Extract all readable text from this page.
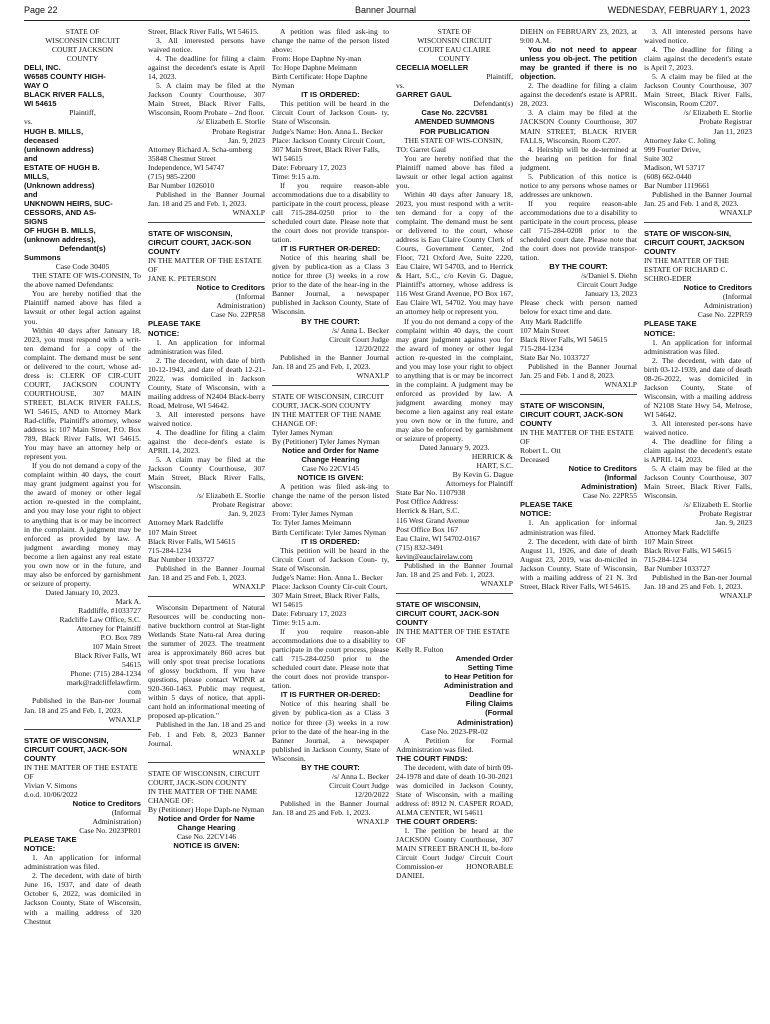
Page 22	Banner Journal	WEDNESDAY, FEBRUARY 1, 2023

STATE OF

WISCONSIN CIRCUIT

COURT JACKSON

COUNTY

DELI, INC.

W6585 COUNTY HIGH-

WAY O

BLACK RIVER FALLS,

WI 54615

Plaintiff,

vs.

HUGH B. MILLS,

deceased

(unknown address)

and

ESTATE OF HUGH B.

MILLS,

(Unknown address)

and

UNKNOWN HEIRS, SUC-

CESSORS, AND AS-

SIGNS

OF HUGH B. MILLS,

(unknown address),

Defendant(s)

Summons

Case Code 30405

THE STATE OF WIS-CONSIN, To the above named Defendants:

You are hereby notified that the Plaintiff named above has filed a lawsuit or other legal action against you.

Within 40 days after January 18, 2023, you must respond with a writ-ten demand for a copy of the complaint. The demand must be sent or delivered to the court, whose ad-dress is: CLERK OF CIR-CUIT COURT, JACKSON COUNTY COURTHOUSE, 307 MAIN STREET, BLACK RIVER FALLS, WI 54615, AND to Attorney Mark Rad-cliffe, Plaintiff's attorney, whose address is: 107 Main Street, P.O. Box 789, Black River Falls, WI 54615. You may have an attorney help or represent you.

If you do not demand a copy of the complaint within 40 days, the court may grant judgment against you for the award of money or other legal action re-quested in the complaint, and you may lose your right to object to anything that is or may be incorrect in the complaint. A judgment may be enforced as provided by law. A judgment awarding money may become a lien against any real estate you own now or in the future, and may also be enforced by garnishment or seizure of property.

Dated January 10, 2023.

Mark A.

Raddliffe, #1033727

Radcliffe Law Office, S.C.

Attorney for Plaintiff

P.O. Box 789

107 Main Street

Black River Falls, WI

54615

Phone: (715) 284-1234

mark@radcliffelawfirm.

com

Published in the Ban-ner Journal Jan. 18 and 25 and Feb. 1, 2023.

WNAXLP

STATE OF WISCONSIN, CIRCUIT COURT, JACK-SON COUNTY

IN THE MATTER OF THE ESTATE OF

Vivian V. Simons

d.o.d. 10/06/2022

Notice to Creditors

(Informal

Administration)

Case No. 2023PR01

PLEASE TAKE

NOTICE:

1. An application for informal administration was filed.

2. The decedent, with date of birth June 16, 1937, and date of death October 6, 2022, was domiciled in Jackson County, State of Wisconsin, with a mailing address of 320 Chestnut

Street, Black River Falls, WI 54615.

3. All interested persons have waived notice.

4. The deadline for filing a claim against the decedent's estate is April 14, 2023.

5. A claim may be filed at the Jackson County Courthouse, 307 Main Street, Black River Falls, Wisconsin, Room Probate – 2nd floor.

/s/ Elizabeth E. Storlie

Probate Registrar

Jan. 9, 2023

Attorney Richard A. Scha-umberg

35848 Chestnut Street

Independence, WI 54747

(715) 985-2200

Bar Number 1026010

Published in the Banner Journal Jan. 18 and 25 and Feb. 1, 2023.

WNAXLP

STATE OF WISCONSIN, CIRCUIT COURT, JACK-SON COUNTY

IN THE MATTER OF THE ESTATE OF

JANE K. PETERSON

Notice to Creditors

(Informal

Administration)

Case No. 22PR58

PLEASE TAKE

NOTICE:

1. An application for informal administration was filed.

2. The decedent, with date of birth 10-12-1943, and date of death 12-21-2022, was domiciled in Jackson County, State of Wisconsin, with a mailing address of N2404 Black-berry Road, Melrose, WI 54642.

3. All interested persons have waived notice.

4. The deadline for filing a claim against the dece-dent's estate is APRIL 14, 2023.

5. A claim may be filed at the Jackson County Courthouse, 307 Main Street, Black River Falls, Wisconsin.

/s/ Elizabeth E. Storlie

Probate Registrar

Jan. 9, 2023

Attorney Mark Radcliffe

107 Main Street

Black River Falls, WI 54615

715-284-1234

Bar Number 1033727

Published in the Banner Journal Jan. 18 and 25 and Feb. 1, 2023.

WNAXLP

Wisconsin Department of Natural Resources will be conducting non-native buckthorn control at Star-light Wetlands State Natu-ral Area during the summer of 2023. The treatment area is approximately 860 acres but will only spot treat precise locations of glossy buckthorn. If you have questions, please contact WDNR at 920-360-1463. Public may request, within 5 days of notice, that appli-cant hold an informational meeting of proposed ap-plication."

Published in the Jan. 18 and 25 and Feb. 1 and Feb. 8, 2023 Banner Journal.

WNAXLP

STATE OF WISCONSIN, CIRCUIT COURT, JACK-SON COUNTY

IN THE MATTER OF THE NAME CHANGE OF:

By (Petitioner) Hope Daph-ne Nyman

Notice and Order for Name Change Hearing

Case No. 22CV146

NOTICE IS GIVEN:

A petition was filed ask-ing to change the name of the person listed above:

From: Hope Daphne Ny-man

To: Hope Daphne Meimann

Birth Certificate: Hope Daphne Nyman

IT IS ORDERED:

This petition will be heard in the Circuit Court of Jackson Coun- ty, State of Wisconsin.

Judge's Name: Hon. Anna L. Becker

Place: Jackson County Circuit Court, 307 Main Street, Black River Falls, WI 54615

Date: February 17, 2023

Time: 9:15 a.m.

If you require reason-able accommodations due to a disability to participate in the court process, please call 715-284-0250 prior to the scheduled court date. Please note that the court does not provide transpor-tation.

IT IS FURTHER OR-DERED:

Notice of this hearing shall be given by publica-tion as a Class 3 notice for three (3) weeks in a row prior to the date of the hear-ing in the Banner Journal, a newspaper published in Jackson County, State of Wisconsin.

BY THE COURT:

/s/ Anna L. Becker

Circuit Court Judge

12/20/2022

Published in the Banner Journal Jan. 18 and 25 and Feb. 1, 2023.

WNAXLP

STATE OF WISCONSIN, CIRCUIT COURT, JACK-SON COUNTY

IN THE MATTER OF THE NAME CHANGE OF:

Tyler James Nyman

By (Petitioner) Tyler James Nyman

Notice and Order for Name Change Hearing

Case No 22CV145

NOTICE IS GIVEN:

A petition was filed ask-ing to change the name of the person listed above:

From: Tyler James Nyman

To: Tyler James Meimann

Birth Certificate: Tyler James Nyman

IT IS ORDERED:

This petition will be heard in the Circuit Court of Jackson Coun- ty, State of Wisconsin.

Judge's Name: Hon. Anna L. Becker

Place: Jackson County Cir-cuit Court, 307 Main Street, Black River Falls, WI 54615

Date: February 17, 2023

Time: 9:15 a.m.

If you require reason-able accommodations due to a disability to participate in the court process, please call 715-284-0250 prior to the scheduled court date. Please note that the court does not provide transpor-tation.

IT IS FURTHER OR-DERED:

Notice of this hearing shall be given by publica-tion as a Class 3 notice for three (3) weeks in a row prior to the date of the hear-ing in the Banner Journal, a newspaper published in Jackson County, State of Wisconsin.

BY THE COURT:

/s/ Anna L. Becker

Circuit Court Judge

12/20/2022

Published in the Banner Journal Jan. 18 and 25 and Feb. 1, 2023.

WNAXLP

STATE OF

WISCONSIN CIRCUIT

COURT EAU CLAIRE

COUNTY

CECELIA MOELLER

Plaintiff,

vs.

GARRET GAUL

Defendant(s)

Case No. 22CV581

AMENDED SUMMONS

FOR PUBLICATION

THE STATE OF WIS-CONSIN,

TO: Garret Gaul

You are hereby notified that the Plaintiff named above has filed a lawsuit or other legal action against you.

Within 40 days after January 18, 2023, you must respond with a writ-ten demand for a copy of the complaint. The demand must be sent or delivered to the court, whose address is Eau Claire County Clerk of Courts, Government Center, 2nd Floor, 721 Oxford Ave, Suite 2220, Eau Claire, WI 54703, and to Herrick & Hart, S.C., c/o Kevin G. Dague, Plaintiff's attorney, whose address is 116 West Grand Avenue, PO Box 167, Eau Claire WI, 54702. You may have an attorney help or represent you.

If you do not demand a copy of the complaint within 40 days, the court may grant judgment against you for the award of money or other legal action re-quested in the complaint, and you may lose your right to object to anything that is or may be incorrect in the complaint. A judgment may be enforced as provided by law. A judgment awarding money may become a lien against any real estate you own now or in the future, and may also be enforced by garnishment or seizure of property.

Dated January 9, 2023.

HERRICK &

HART, S.C.

By Kevin G. Dague

Attorneys for Plaintiff

State Bar No. 1107938

Post Office Address:

Herrick & Hart, S.C.

116 West Grand Avenue

Post Office Box 167

Eau Claire, WI 54702-0167

(715) 832-3491

kevin@eauclairelaw.com

Published in the Banner Journal Jan. 18 and 25 and Feb. 1, 2023.

WNAXLP

STATE OF WISCONSIN, CIRCUIT COURT, JACK-SON COUNTY

IN THE MATTER OF THE ESTATE OF

Kelly R. Fulton

Amended Order

Setting Time

to Hear Petition for

Administration and

Deadline for

Filing Claims

(Formal

Administration)

Case No. 2023-PR-02

A Petition for Formal Administration was filed.

THE COURT FINDS:

The decedent, with date of birth 09-24-1978 and date of death 10-30-2021 was domiciled in Jackson County, State of Wisconsin, with a mailing address of: 8912 N. CASPER ROAD, ALMA CENTER, WI 54611

THE COURT ORDERS:

1. The petition be heard at the JACKSON County Courthouse, 307 MAIN STREET BRANCH II, be-fore Circuit Court Judge/ Circuit Court Commission-er HONORABLE DANIEL

DIEHN on FEBRUARY 23, 2023, at 9:00 A.M.

You do not need to appear unless you ob-ject. The petition may be granted if there is no objection.

2. The deadline for filing a claim against the decedent's estate is APRIL 28, 2023.

3. A claim may be filed at the JACKSON County Courthouse, 307 MAIN STREET, BLACK RIVER FALLS, Wisconsin, Room C207.

4. Heirship will be de-termined at the hearing on petition for final judgment.

5. Publication of this notice is notice to any persons whose names or addresses are unknown.

If you require reason-able accommodations due to a disability to participate in the court process, please call 715-284-0208 prior to the scheduled court date. Please note that the court does not provide transpor-tation.

BY THE COURT:

/s/Daniel S. Diehn

Circuit Court Judge

January 13, 2023

Please check with person named below for exact time and date.

Atty Mark Radcliffe

107 Main Street

Black River Falls, WI 54615

715-284-1234

State Bar No. 1033727

Published in the Banner Journal Jan. 25 and Feb. 1 and 8, 2023.

WNAXLP

STATE OF WISCONSIN, CIRCUIT COURT, JACK-SON COUNTY

IN THE MATTER OF THE ESTATE OF

Robert L. Ott

Deceased

Notice to Creditors

(Informal

Administration)

Case No. 22PR55

PLEASE TAKE

NOTICE:

1. An application for informal administration was filed.

2. The decedent, with date of birth August 11, 1926, and date of death August 23, 2019, was do-miciled in Jackson County, State of Wisconsin, with a mailing address of 21 N. 3rd Street, Black River Falls, WI 54615.

3. All interested persons have waived notice.

4. The deadline for filing a claim against the decedent's estate is April 7, 2023.

5. A claim may be filed at the Jackson County Courthouse, 307 Main Street, Black River Falls, Wisconsin, Room C207.

/s/ Elizabeth E. Storlie

Probate Registrar

Jan 11, 2023

Attorney Jake C. Joling

999 Fourier Drive,

Suite 302

Madison, WI 53717

(608) 662-0440

Bar Number 1119661

Published in the Banner Journal Jan. 25 and Feb. 1 and 8, 2023.

WNAXLP

STATE OF WISCON-SIN, CIRCUIT COURT, JACKSON COUNTY

IN THE MATTER OF THE ESTATE OF RICHARD C. SCHRO-EDER

Notice to Creditors

(Informal

Administration)

Case No. 22PR59

PLEASE TAKE

NOTICE:

1. An application for informal administration was filed.

2. The decedent, with date of birth 03-12-1939, and date of death 08-26-2022, was domiciled in Jackson County, State of Wisconsin, with a mailing address of N2108 State Hwy 54, Melrose, WI 54642.

3. All interested per-sons have waived notice.

4. The deadline for filing a claim against the decedent's estate is APRIL 14, 2023.

5. A claim may be filed at the Jackson County Courthouse, 307 Main Street, Black River Falls, Wisconsin.

/s/ Elizabeth E. Storlie

Probate Registrar

Jan. 9, 2023

Attorney Mark Radcliffe

107 Main Street

Black River Falls, WI 54615

715-284-1234

Bar Number 1033727

Published in the Ban-ner Journal Jan. 18 and 25 and Feb. 1, 2023.

WNAXLP
